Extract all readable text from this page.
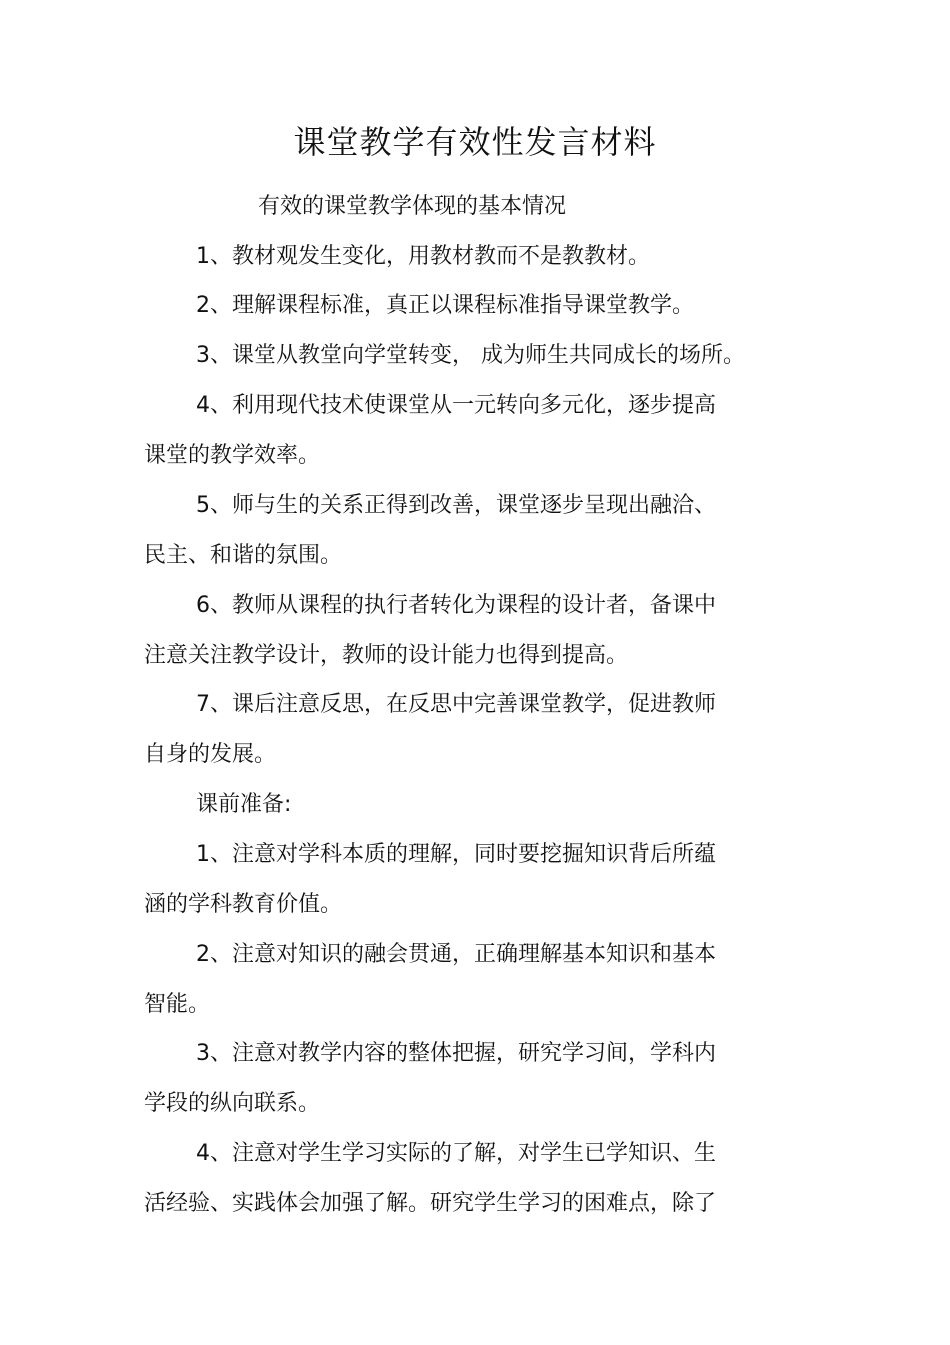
课堂教学有效性发言材料
有效的课堂教学体现的基本情况
1、教材观发生变化，用教材教而不是教教材。
2、理解课程标准，真正以课程标准指导课堂教学。
3、课堂从教堂向学堂转变， 成为师生共同成长的场所。
4、利用现代技术使课堂从一元转向多元化，逐步提高
课堂的教学效率。
5、师与生的关系正得到改善，课堂逐步呈现出融洽、
民主、和谐的氛围。
6、教师从课程的执行者转化为课程的设计者，备课中
注意关注教学设计，教师的设计能力也得到提高。
7、课后注意反思，在反思中完善课堂教学，促进教师
自身的发展。
课前准备:
1、注意对学科本质的理解，同时要挖掘知识背后所蕴
涵的学科教育价值。
2、注意对知识的融会贯通，正确理解基本知识和基本
智能。
3、注意对教学内容的整体把握，研究学习间，学科内
学段的纵向联系。
4、注意对学生学习实际的了解，对学生已学知识、生
活经验、实践体会加强了解。研究学生学习的困难点，除了
